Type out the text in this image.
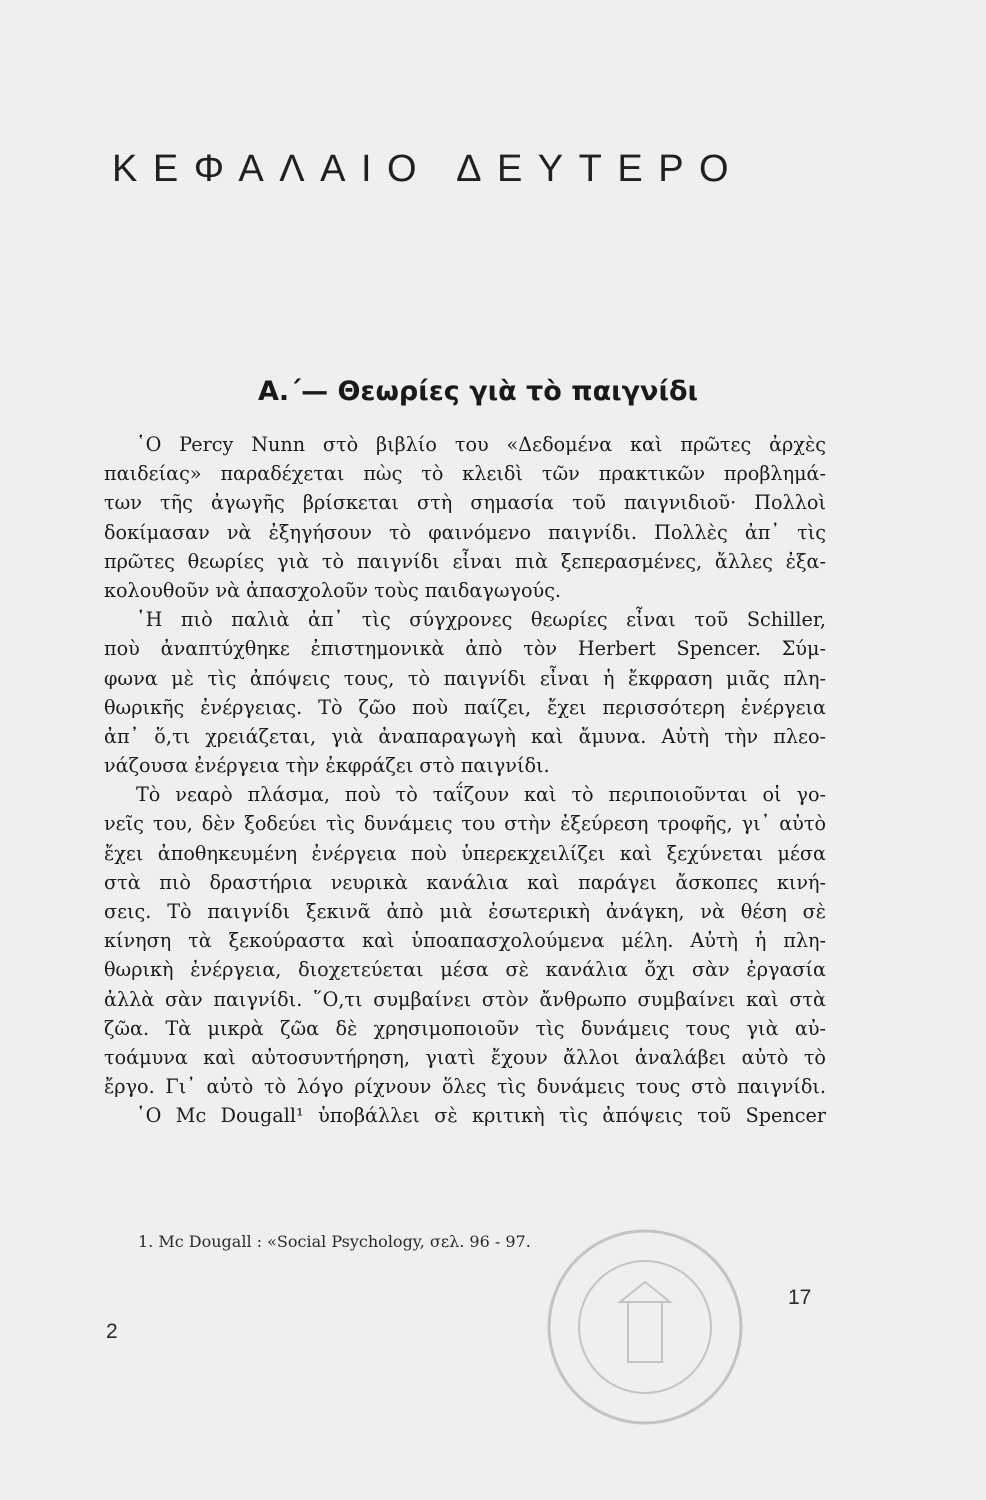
ΚΕΦΑΛΑΙΟ ΔΕΥΤΕΡΟ
Α.΄— Θεωρίες γιὰ τὸ παιγνίδι
῾Ο Percy Nunn στὸ βιβλίο του «Δεδομένα καὶ πρῶτες ἀρχὲς
παιδείας» παραδέχεται πὼς τὸ κλειδὶ τῶν πρακτικῶν προβλημά-
των τῆς ἀγωγῆς βρίσκεται στὴ σημασία τοῦ παιγνιδιοῦ· Πολλοὶ
δοκίμασαν νὰ ἐξηγήσουν τὸ φαινόμενο παιγνίδι. Πολλὲς ἀπ᾿ τὶς
πρῶτες θεωρίες γιὰ τὸ παιγνίδι εἶναι πιὰ ξεπερασμένες, ἄλλες ἐξα-
κολουθοῦν νὰ ἀπασχολοῦν τοὺς παιδαγωγούς.
῾Η πιὸ παλιὰ ἀπ᾿ τὶς σύγχρονες θεωρίες εἶναι τοῦ Schiller,
ποὺ ἀναπτύχθηκε ἐπιστημονικὰ ἀπὸ τὸν Herbert Spencer. Σύμ-
φωνα μὲ τὶς ἀπόψεις τους, τὸ παιγνίδι εἶναι ἡ ἔκφραση μιᾶς πλη-
θωρικῆς ἐνέργειας. Τὸ ζῶο ποὺ παίζει, ἔχει περισσότερη ἐνέργεια
ἀπ᾿ ὅ,τι χρειάζεται, γιὰ ἀναπαραγωγὴ καὶ ἄμυνα. Αὐτὴ τὴν πλεο-
νάζουσα ἐνέργεια τὴν ἐκφράζει στὸ παιγνίδι.
Τὸ νεαρὸ πλάσμα, ποὺ τὸ ταΐζουν καὶ τὸ περιποιοῦνται οἱ γο-
νεῖς του, δὲν ξοδεύει τὶς δυνάμεις του στὴν ἐξεύρεση τροφῆς, γι᾿ αὐτὸ
ἔχει ἀποθηκευμένη ἐνέργεια ποὺ ὑπερεκχειλίζει καὶ ξεχύνεται μέσα
στὰ πιὸ δραστήρια νευρικὰ κανάλια καὶ παράγει ἄσκοπες κινή-
σεις. Τὸ παιγνίδι ξεκινᾶ ἀπὸ μιὰ ἐσωτερικὴ ἀνάγκη, νὰ θέση σὲ
κίνηση τὰ ξεκούραστα καὶ ὑποαπασχολούμενα μέλη. Αὐτὴ ἡ πλη-
θωρικὴ ἐνέργεια, διοχετεύεται μέσα σὲ κανάλια ὄχι σὰν ἐργασία
ἀλλὰ σὰν παιγνίδι. ῞Ο,τι συμβαίνει στὸν ἄνθρωπο συμβαίνει καὶ στὰ
ζῶα. Τὰ μικρὰ ζῶα δὲ χρησιμοποιοῦν τὶς δυνάμεις τους γιὰ αὐ-
τοάμυνα καὶ αὐτοσυντήρηση, γιατὶ ἔχουν ἄλλοι ἀναλάβει αὐτὸ τὸ
ἔργο. Γι᾿ αὐτὸ τὸ λόγο ρίχνουν ὅλες τὶς δυνάμεις τους στὸ παιγνίδι.
῾Ο Mc Dougall¹ ὑποβάλλει σὲ κριτικὴ τὶς ἀπόψεις τοῦ Spencer
1. Mc Dougall : «Social Psychology, σελ. 96 - 97.
17
2
